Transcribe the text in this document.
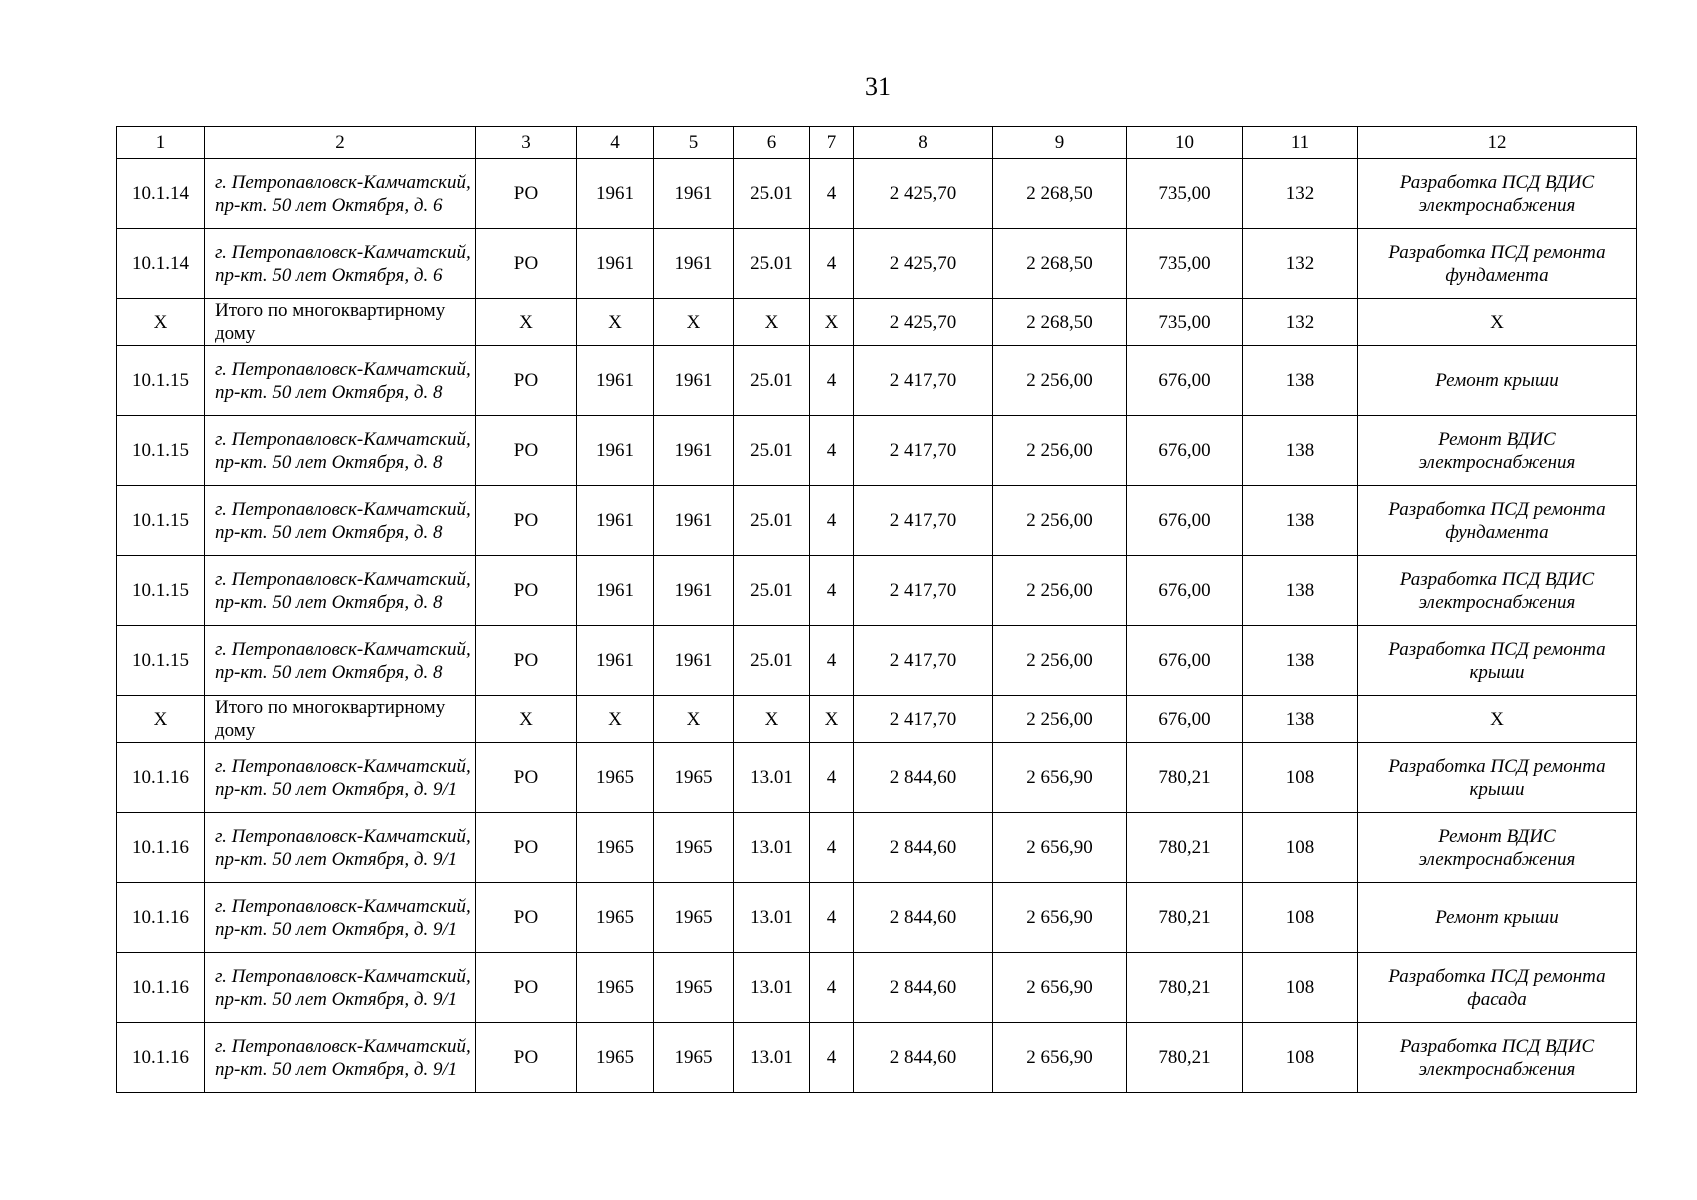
31
1	2	3	4	5	6	7	8	9	10	11	12
10.1.14	г. Петропавловск-Камчатский, пр-кт. 50 лет Октября, д. 6	РО	1961	1961	25.01	4	2 425,70	2 268,50	735,00	132	Разработка ПСД ВДИС электроснабжения
10.1.14	г. Петропавловск-Камчатский, пр-кт. 50 лет Октября, д. 6	РО	1961	1961	25.01	4	2 425,70	2 268,50	735,00	132	Разработка ПСД ремонта фундамента
Х	Итого по многоквартирному дому	Х	Х	Х	Х	Х	2 425,70	2 268,50	735,00	132	Х
10.1.15	г. Петропавловск-Камчатский, пр-кт. 50 лет Октября, д. 8	РО	1961	1961	25.01	4	2 417,70	2 256,00	676,00	138	Ремонт крыши
10.1.15	г. Петропавловск-Камчатский, пр-кт. 50 лет Октября, д. 8	РО	1961	1961	25.01	4	2 417,70	2 256,00	676,00	138	Ремонт ВДИС электроснабжения
10.1.15	г. Петропавловск-Камчатский, пр-кт. 50 лет Октября, д. 8	РО	1961	1961	25.01	4	2 417,70	2 256,00	676,00	138	Разработка ПСД ремонта фундамента
10.1.15	г. Петропавловск-Камчатский, пр-кт. 50 лет Октября, д. 8	РО	1961	1961	25.01	4	2 417,70	2 256,00	676,00	138	Разработка ПСД ВДИС электроснабжения
10.1.15	г. Петропавловск-Камчатский, пр-кт. 50 лет Октября, д. 8	РО	1961	1961	25.01	4	2 417,70	2 256,00	676,00	138	Разработка ПСД ремонта крыши
Х	Итого по многоквартирному дому	Х	Х	Х	Х	Х	2 417,70	2 256,00	676,00	138	Х
10.1.16	г. Петропавловск-Камчатский, пр-кт. 50 лет Октября, д. 9/1	РО	1965	1965	13.01	4	2 844,60	2 656,90	780,21	108	Разработка ПСД ремонта крыши
10.1.16	г. Петропавловск-Камчатский, пр-кт. 50 лет Октября, д. 9/1	РО	1965	1965	13.01	4	2 844,60	2 656,90	780,21	108	Ремонт ВДИС электроснабжения
10.1.16	г. Петропавловск-Камчатский, пр-кт. 50 лет Октября, д. 9/1	РО	1965	1965	13.01	4	2 844,60	2 656,90	780,21	108	Ремонт крыши
10.1.16	г. Петропавловск-Камчатский, пр-кт. 50 лет Октября, д. 9/1	РО	1965	1965	13.01	4	2 844,60	2 656,90	780,21	108	Разработка ПСД ремонта фасада
10.1.16	г. Петропавловск-Камчатский, пр-кт. 50 лет Октября, д. 9/1	РО	1965	1965	13.01	4	2 844,60	2 656,90	780,21	108	Разработка ПСД ВДИС электроснабжения
